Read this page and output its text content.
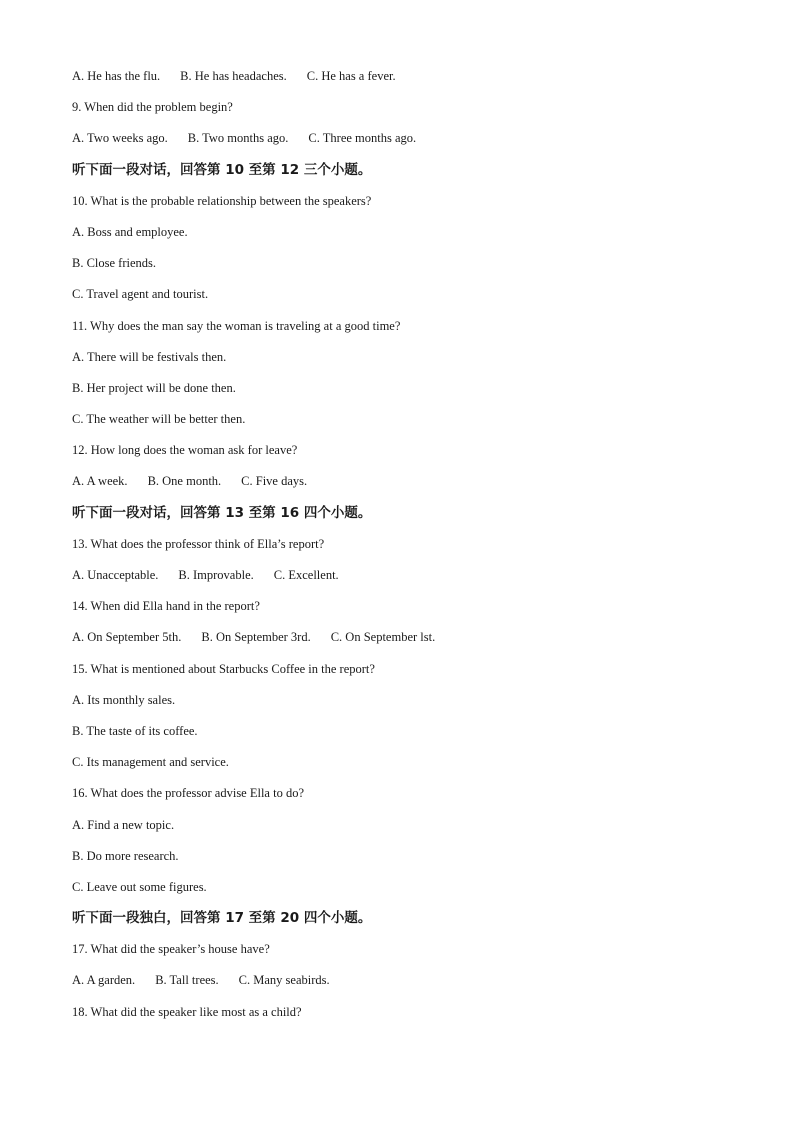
A. He has the flu. B. He has headaches. C. He has a fever.
9. When did the problem begin?
A. Two weeks ago. B. Two months ago. C. Three months ago.
听下面一段对话，回答第 10 至第 12 三个小题。
10. What is the probable relationship between the speakers?
A. Boss and employee.
B. Close friends.
C. Travel agent and tourist.
11. Why does the man say the woman is traveling at a good time?
A. There will be festivals then.
B. Her project will be done then.
C. The weather will be better then.
12. How long does the woman ask for leave?
A. A week. B. One month. C. Five days.
听下面一段对话，回答第 13 至第 16 四个小题。
13. What does the professor think of Ella’s report?
A. Unacceptable. B. Improvable. C. Excellent.
14. When did Ella hand in the report?
A. On September 5th. B. On September 3rd. C. On September lst.
15. What is mentioned about Starbucks Coffee in the report?
A. Its monthly sales.
B. The taste of its coffee.
C. Its management and service.
16. What does the professor advise Ella to do?
A. Find a new topic.
B. Do more research.
C. Leave out some figures.
听下面一段独白，回答第 17 至第 20 四个小题。
17. What did the speaker’s house have?
A. A garden. B. Tall trees. C. Many seabirds.
18. What did the speaker like most as a child?
